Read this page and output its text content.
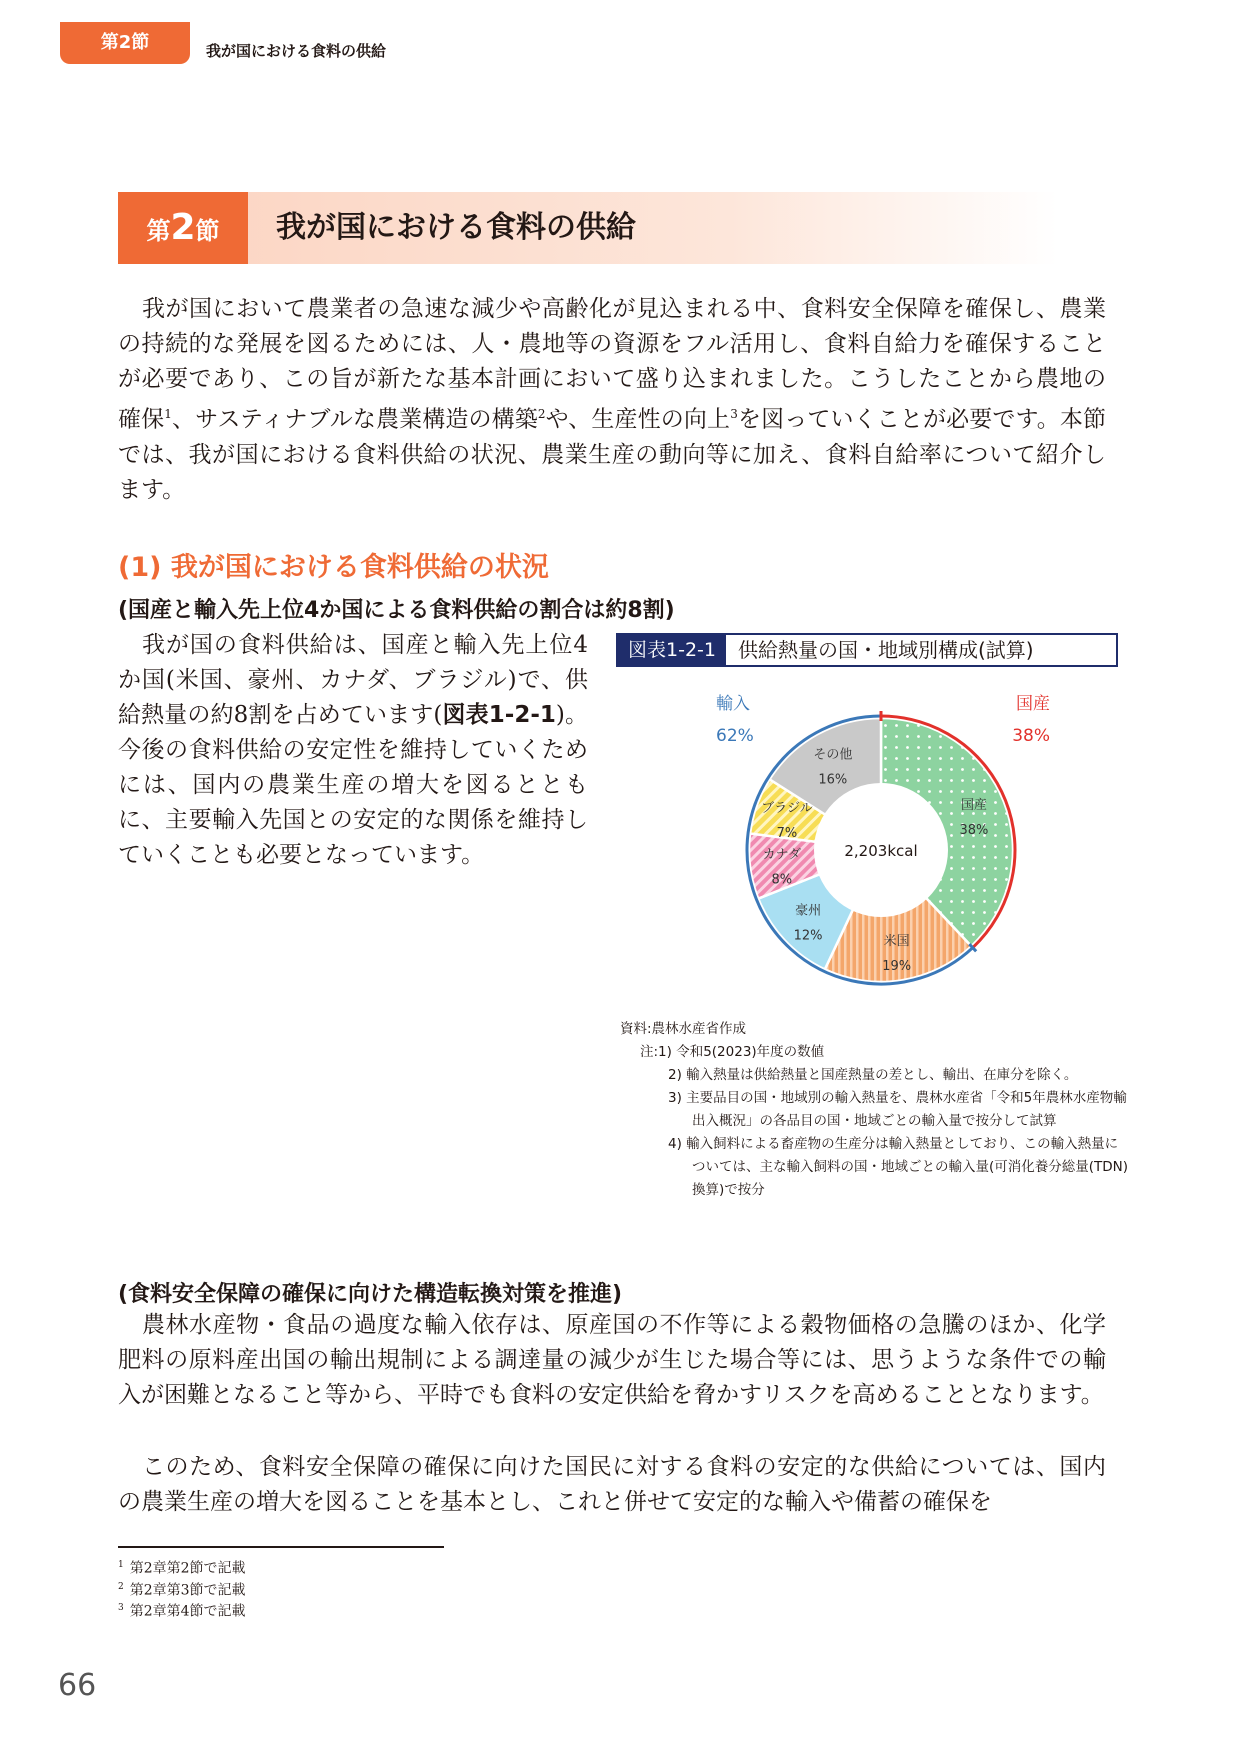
第2節	我が国における食料の供給
第2節	我が国における食料の供給

我が国において農業者の急速な減少や高齢化が見込まれる中、食料安全保障を確保し、農業の持続的な発展を図るためには、人・農地等の資源をフル活用し、食料自給力を確保することが必要であり、この旨が新たな基本計画において盛り込まれました。こうしたことから農地の確保$^1$、サスティナブルな農業構造の構築$^2$や、生産性の向上$^3$を図っていくことが必要です。本節では、我が国における食料供給の状況、農業生産の動向等に加え、食料自給率について紹介します。

(1) 我が国における食料供給の状況
(国産と輸入先上位4か国による食料供給の割合は約8割)

我が国の食料供給は、国産と輸入先上位4か国(米国、豪州、カナダ、ブラジル)で、供給熱量の約8割を占めています(図表1-2-1)。今後の食料供給の安定性を維持していくためには、国内の農業生産の増大を図るとともに、主要輸入先国との安定的な関係を維持していくことも必要となっています。

図表1-2-1	供給熱量の国・地域別構成(試算)
2,203kcal
国産
38%
米国
19%
豪州
12%
カナダ
8%
ブラジル
7%
その他
16%
輸入
62%
国産
38%
資料:農林水産省作成
注:1) 令和5(2023)年度の数値
2) 輸入熱量は供給熱量と国産熱量の差とし、輸出、在庫分を除く。
3) 主要品目の国・地域別の輸入熱量を、農林水産省「令和5年農林水産物輸出入概況」の各品目の国・地域ごとの輸入量で按分して試算
4) 輸入飼料による畜産物の生産分は輸入熱量としており、この輸入熱量については、主な輸入飼料の国・地域ごとの輸入量(可消化養分総量(TDN)換算)で按分
(食料安全保障の確保に向けた構造転換対策を推進)

農林水産物・食品の過度な輸入依存は、原産国の不作等による穀物価格の急騰のほか、化学肥料の原料産出国の輸出規制による調達量の減少が生じた場合等には、思うような条件での輸入が困難となること等から、平時でも食料の安定供給を脅かすリスクを高めることとなります。

このため、食料安全保障の確保に向けた国民に対する食料の安定的な供給については、国内の農業生産の増大を図ることを基本とし、これと併せて安定的な輸入や備蓄の確保を

$^1$ 第2章第2節で記載
$^2$ 第2章第3節で記載
$^3$ 第2章第4節で記載
66
